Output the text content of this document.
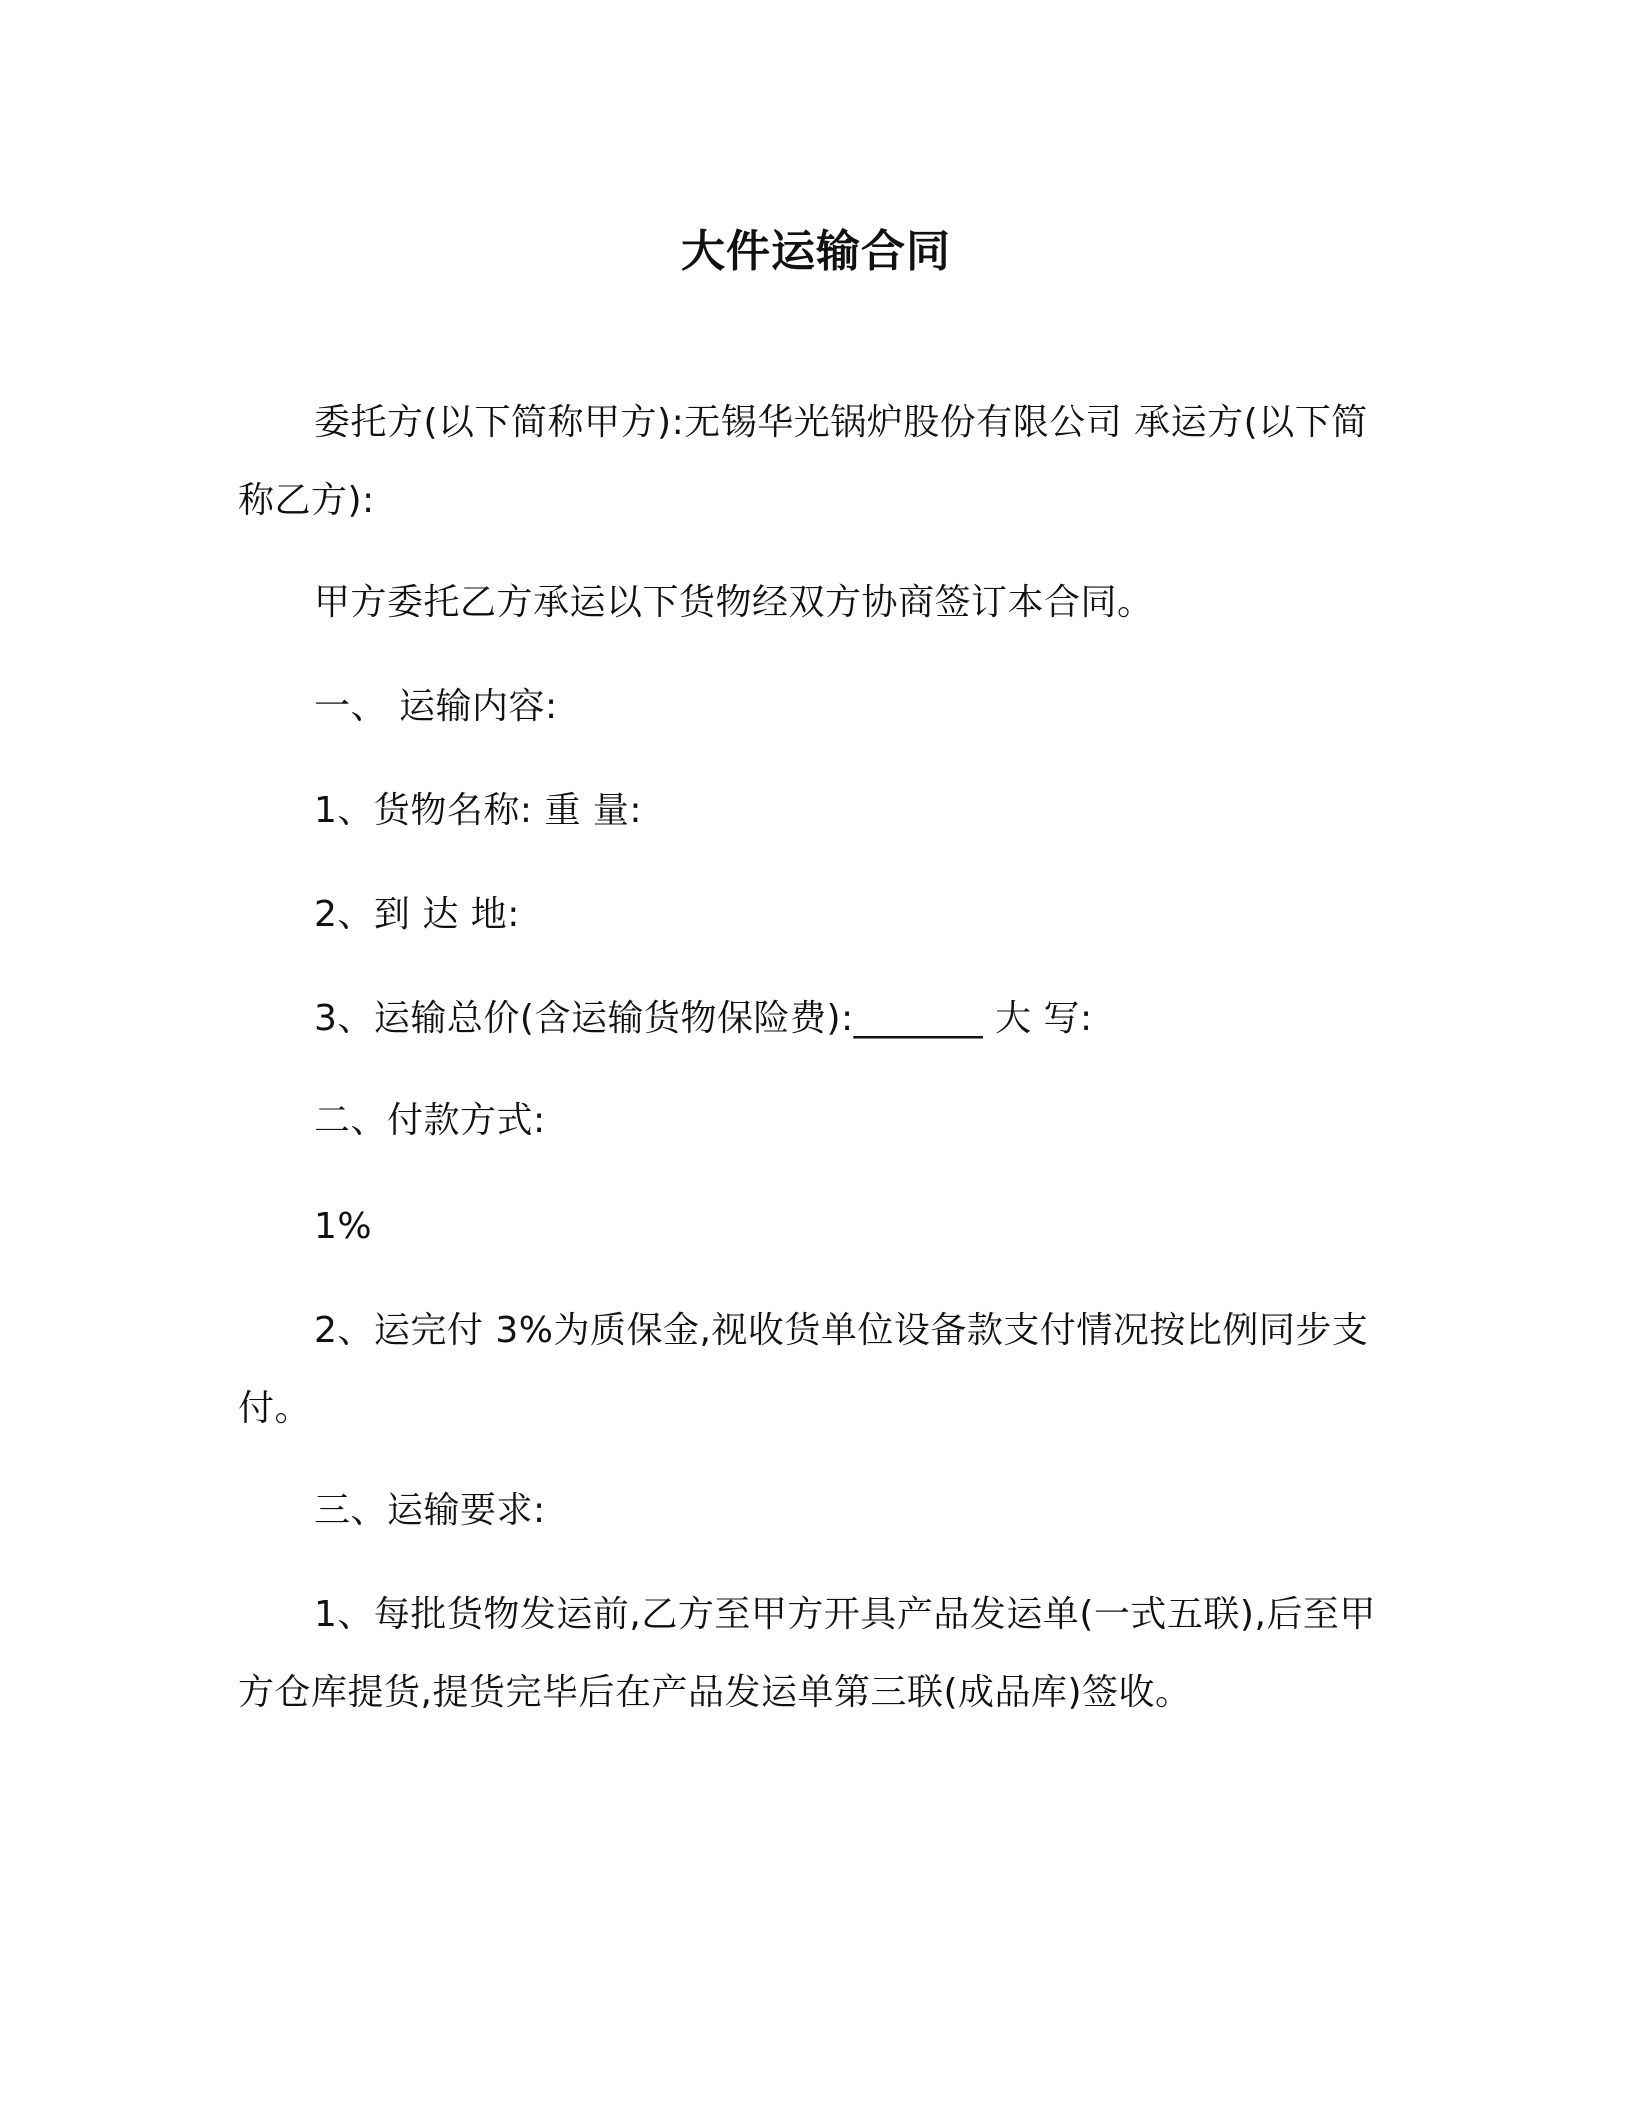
大件运输合同
委托方(以下简称甲方):无锡华光锅炉股份有限公司 承运方(以下简称乙方):
甲方委托乙方承运以下货物经双方协商签订本合同。
一、 运输内容:
1、货物名称: 重 量:
2、到 达 地:
3、运输总价(含运输货物保险费):_______ 大 写:
二、付款方式:
1%
2、运完付 3%为质保金,视收货单位设备款支付情况按比例同步支付。
三、运输要求:
1、每批货物发运前,乙方至甲方开具产品发运单(一式五联),后至甲方仓库提货,提货完毕后在产品发运单第三联(成品库)签收。
